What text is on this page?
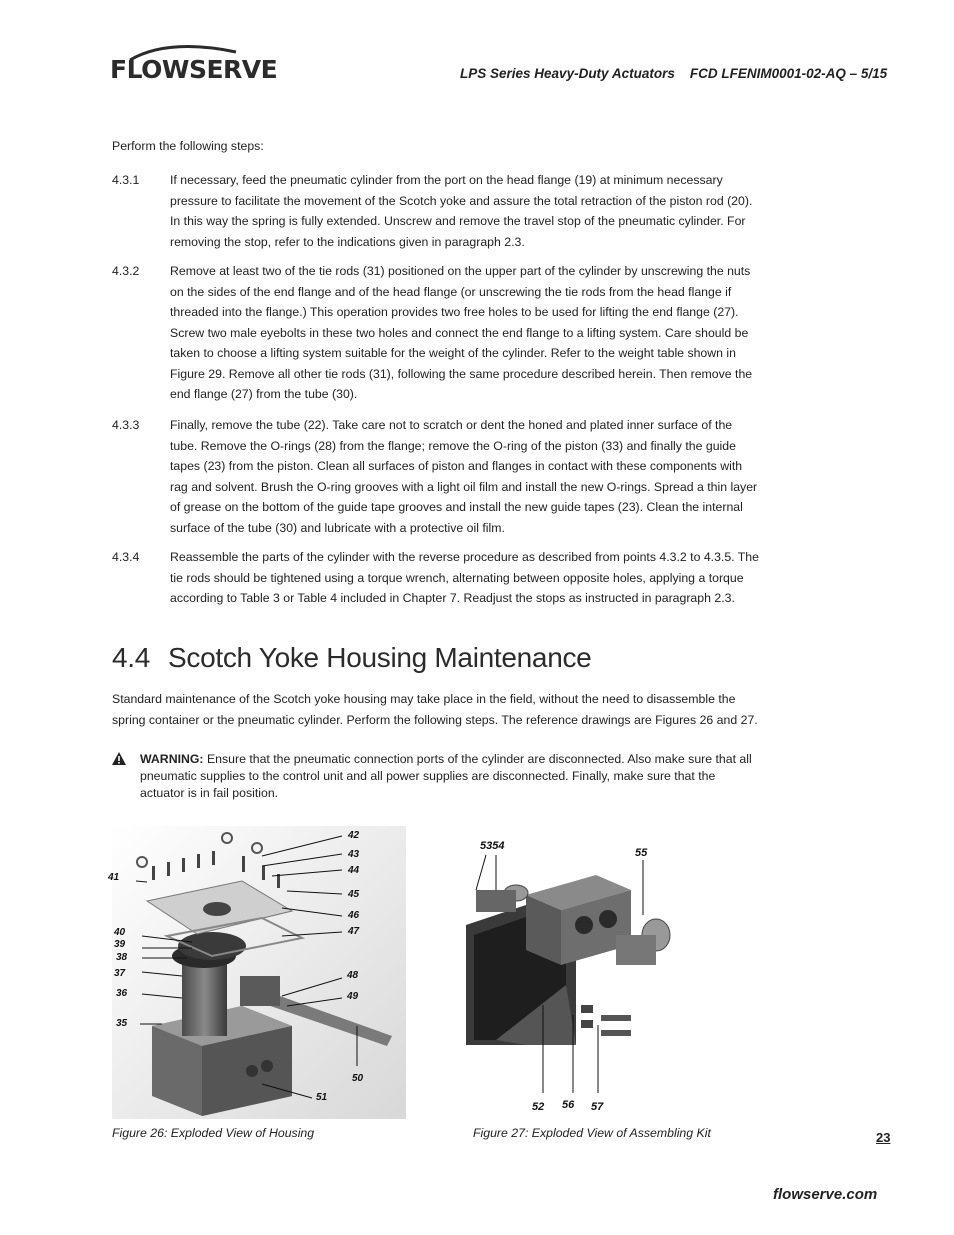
FLOWSERVE	LPS Series Heavy-Duty Actuators    FCD LFENIM0001-02-AQ – 5/15
Perform the following steps:
4.3.1 If necessary, feed the pneumatic cylinder from the port on the head flange (19) at minimum necessary pressure to facilitate the movement of the Scotch yoke and assure the total retraction of the piston rod (20). In this way the spring is fully extended. Unscrew and remove the travel stop of the pneumatic cylinder. For removing the stop, refer to the indications given in paragraph 2.3.
4.3.2 Remove at least two of the tie rods (31) positioned on the upper part of the cylinder by unscrewing the nuts on the sides of the end flange and of the head flange (or unscrewing the tie rods from the head flange if threaded into the flange.) This operation provides two free holes to be used for lifting the end flange (27). Screw two male eyebolts in these two holes and connect the end flange to a lifting system. Care should be taken to choose a lifting system suitable for the weight of the cylinder. Refer to the weight table shown in Figure 29. Remove all other tie rods (31), following the same procedure described herein. Then remove the end flange (27) from the tube (30).
4.3.3 Finally, remove the tube (22). Take care not to scratch or dent the honed and plated inner surface of the tube. Remove the O-rings (28) from the flange; remove the O-ring of the piston (33) and finally the guide tapes (23) from the piston. Clean all surfaces of piston and flanges in contact with these components with rag and solvent. Brush the O-ring grooves with a light oil film and install the new O-rings. Spread a thin layer of grease on the bottom of the guide tape grooves and install the new guide tapes (23). Clean the internal surface of the tube (30) and lubricate with a protective oil film.
4.3.4 Reassemble the parts of the cylinder with the reverse procedure as described from points 4.3.2 to 4.3.5. The tie rods should be tightened using a torque wrench, alternating between opposite holes, applying a torque according to Table 3 or Table 4 included in Chapter 7. Readjust the stops as instructed in paragraph 2.3.
4.4 Scotch Yoke Housing Maintenance
Standard maintenance of the Scotch yoke housing may take place in the field, without the need to disassemble the spring container or the pneumatic cylinder. Perform the following steps. The reference drawings are Figures 26 and 27.
WARNING: Ensure that the pneumatic connection ports of the cylinder are disconnected. Also make sure that all pneumatic supplies to the control unit and all power supplies are disconnected. Finally, make sure that the actuator is in fail position.
41
42
43
44
45
46
47
40
39
38
37
36
35
48
49
50
51
Figure 26: Exploded View of Housing
5354
55
52 56 57
Figure 27: Exploded View of Assembling Kit	23
flowserve.com
